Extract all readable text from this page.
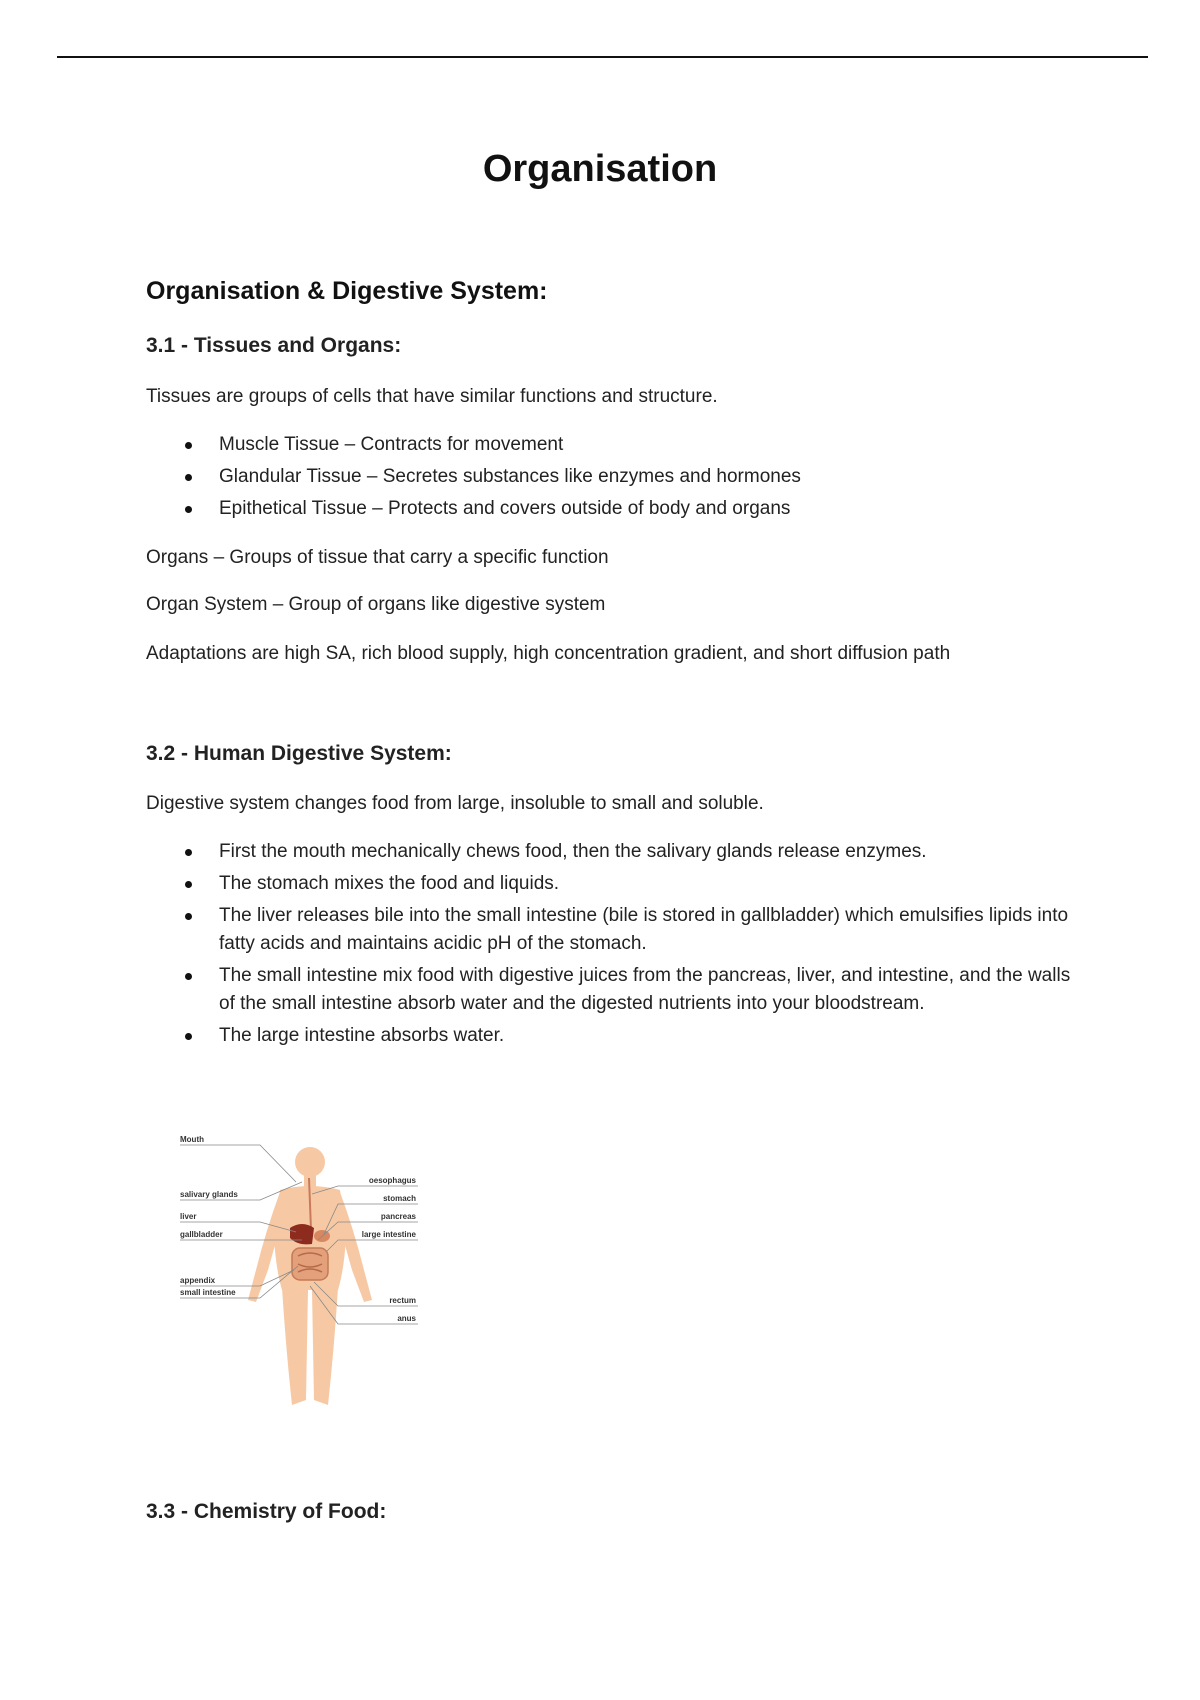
Organisation
Organisation & Digestive System:
3.1 - Tissues and Organs:

Tissues are groups of cells that have similar functions and structure.

Muscle Tissue – Contracts for movement
Glandular Tissue – Secretes substances like enzymes and hormones
Epithetical Tissue – Protects and covers outside of body and organs

Organs – Groups of tissue that carry a specific function

Organ System – Group of organs like digestive system

Adaptations are high SA, rich blood supply, high concentration gradient, and short diffusion path

3.2 - Human Digestive System:

Digestive system changes food from large, insoluble to small and soluble.

First the mouth mechanically chews food, then the salivary glands release enzymes.
The stomach mixes the food and liquids.
The liver releases bile into the small intestine (bile is stored in gallbladder) which emulsifies lipids into fatty acids and maintains acidic pH of the stomach.
The small intestine mix food with digestive juices from the pancreas, liver, and intestine, and the walls of the small intestine absorb water and the digested nutrients into your bloodstream.
The large intestine absorbs water.
Mouth
salivary glands
liver
gallbladder
appendix
small intestine
oesophagus
stomach
pancreas
large intestine
rectum
anus
3.3 - Chemistry of Food:
